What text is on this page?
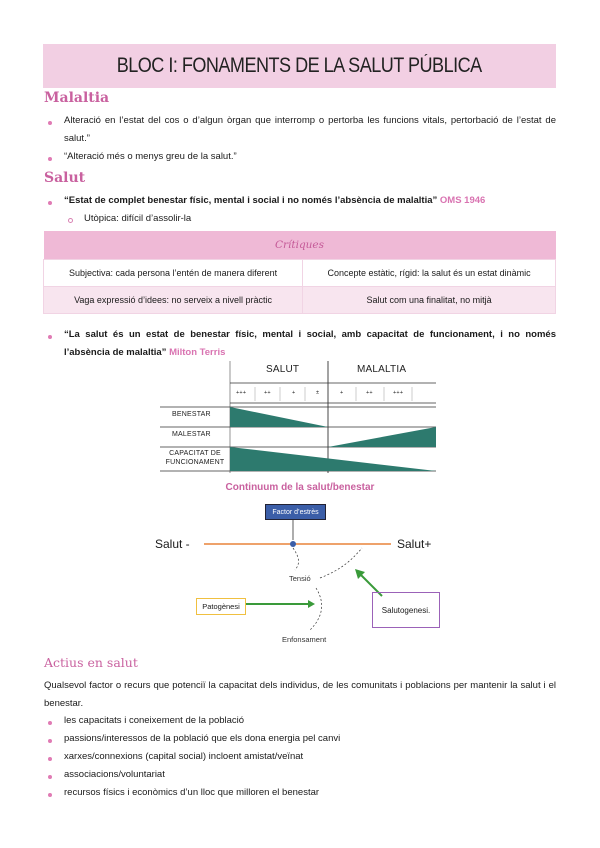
BLOC I: FONAMENTS DE LA SALUT PÚBLICA
Malaltia
Alteració en l’estat del cos o d’algun òrgan que interromp o pertorba les funcions vitals, pertorbació de l’estat de salut.”
“Alteració més o menys greu de la salut.”
Salut
“Estat de complet benestar físic, mental i social i no només l’absència de malaltia” OMS 1946
Utòpica: difícil d’assolir-la
Crítiques	
Subjectiva: cada persona l’entén de manera diferent	Concepte estàtic, rígid: la salut és un estat dinàmic
Vaga expressió d’idees: no serveix a nivell pràctic	Salut com una finalitat, no mitjà
“La salut és un estat de benestar físic, mental i social, amb capacitat de funcionament, i no només l’absència de malaltia” Milton Terris
SALUT	MALALTIA
+++	++	+	±	+	++	+++
BENESTAR
MALESTAR
CAPACITAT DE FUNCIONAMENT
Continuum de la salut/benestar
Factor d’estrès
Salut -	Salut+
Tensió
Patogènesi	Salutogenesi.
Enfonsament
Actius en salut
Qualsevol factor o recurs que potenciï la capacitat dels individus, de les comunitats i poblacions per mantenir la salut i el benestar.
les capacitats i coneixement de la població
passions/interessos de la població que els dona energia pel canvi
xarxes/connexions (capital social) incloent amistat/veïnat
associacions/voluntariat
recursos físics i econòmics d’un lloc que milloren el benestar
